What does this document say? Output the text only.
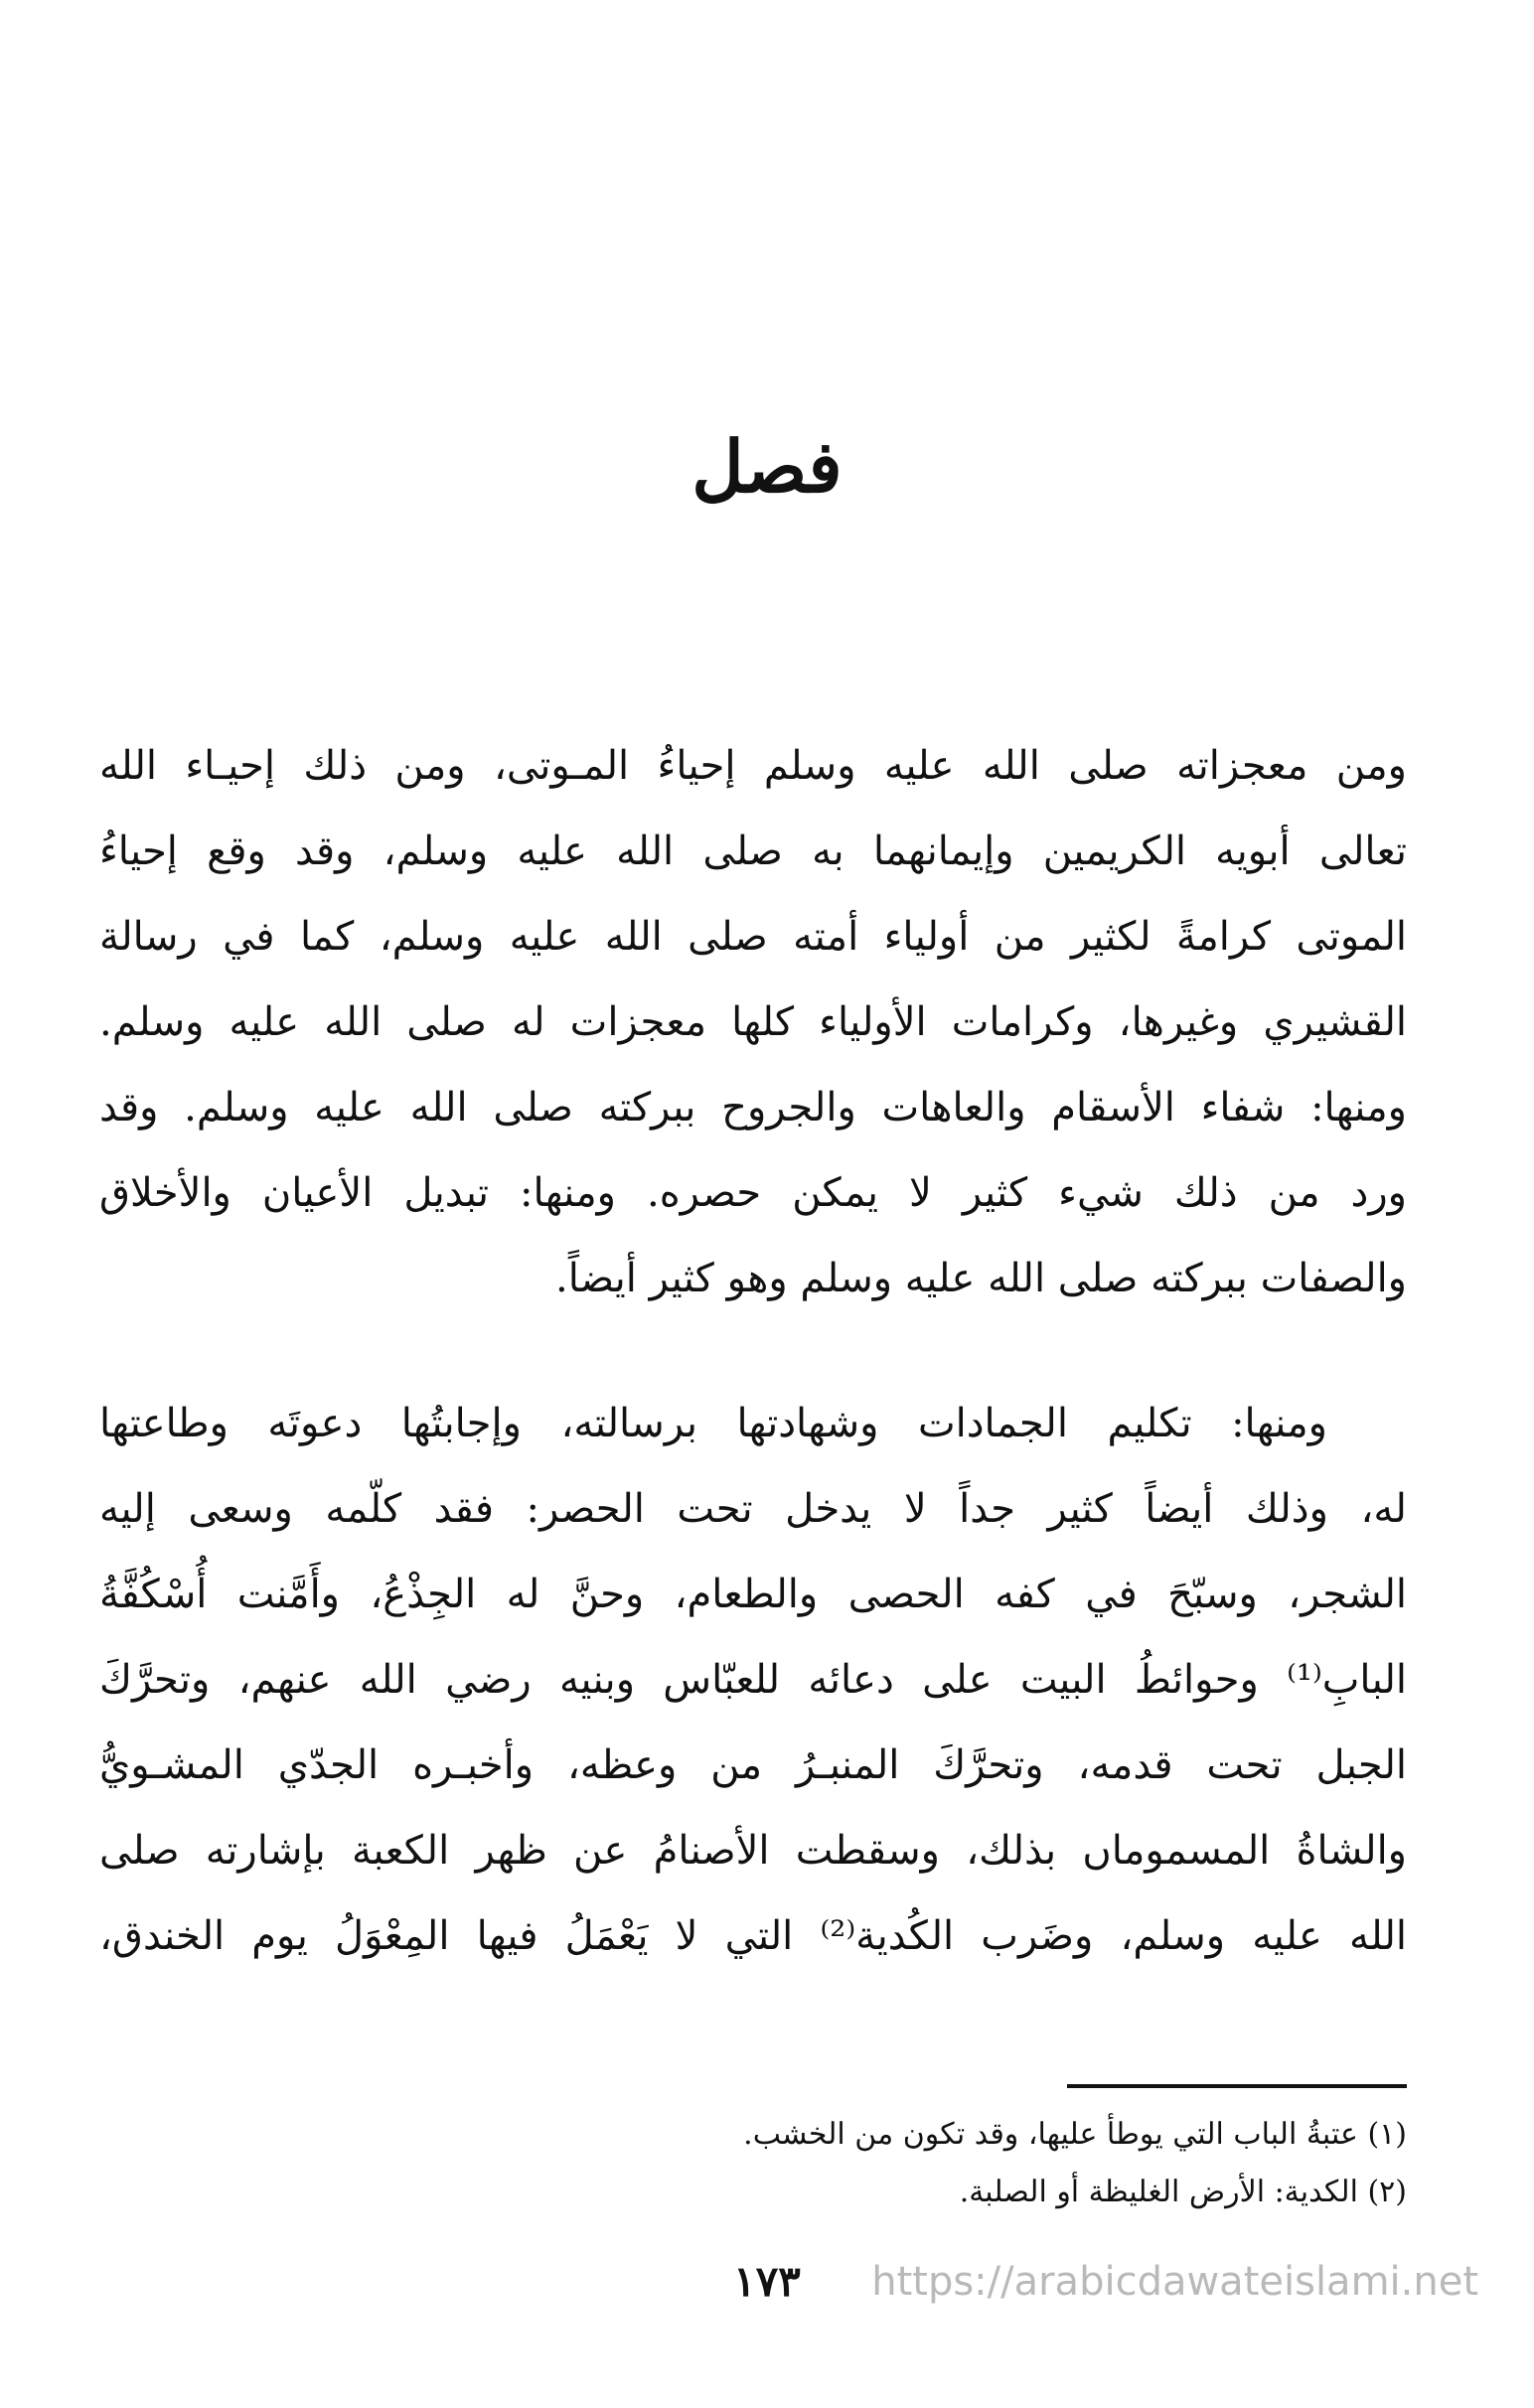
فصل
ومن معجزاته صلى الله عليه وسلم إحياءُ المـوتى، ومن ذلك إحيـاء الله
تعالى أبويه الكريمين وإيمانهما به صلى الله عليه وسلم، وقد وقع إحياءُ
الموتى كرامةً لكثير من أولياء أمته صلى الله عليه وسلم، كما في رسالة
القشيري وغيرها، وكرامات الأولياء كلها معجزات له صلى الله عليه وسلم.
ومنها: شفاء الأسقام والعاهات والجروح ببركته صلى الله عليه وسلم. وقد
ورد من ذلك شيء كثير لا يمكن حصره. ومنها: تبديل الأعيان والأخلاق
والصفات ببركته صلى الله عليه وسلم وهو كثير أيضاً.
ومنها: تكليم الجمادات وشهادتها برسالته، وإجابتُها دعوتَه وطاعتها
له، وذلك أيضاً كثير جداً لا يدخل تحت الحصر: فقد كلّمه وسعى إليه
الشجر، وسبّحَ في كفه الحصى والطعام، وحنَّ له الجِذْعُ، وأَمَّنت أُسْكُفَّةُ
البابِ⁽¹⁾ وحوائطُ البيت على دعائه للعبّاس وبنيه رضي الله عنهم، وتحرَّكَ
الجبل تحت قدمه، وتحرَّكَ المنبـرُ من وعظه، وأخبـره الجدّي المشـويُّ
والشاةُ المسموماں بذلك، وسقطت الأصنامُ عن ظهر الكعبة بإشارته صلى
الله عليه وسلم، وضَرب الكُدية⁽²⁾ التي لا يَعْمَلُ فيها المِعْوَلُ يوم الخندق،
(١) عتبةُ الباب التي يوطأ عليها، وقد تكون من الخشب.
(٢) الكدية: الأرض الغليظة أو الصلبة.
١٧٣	https://arabicdawateislami.net
